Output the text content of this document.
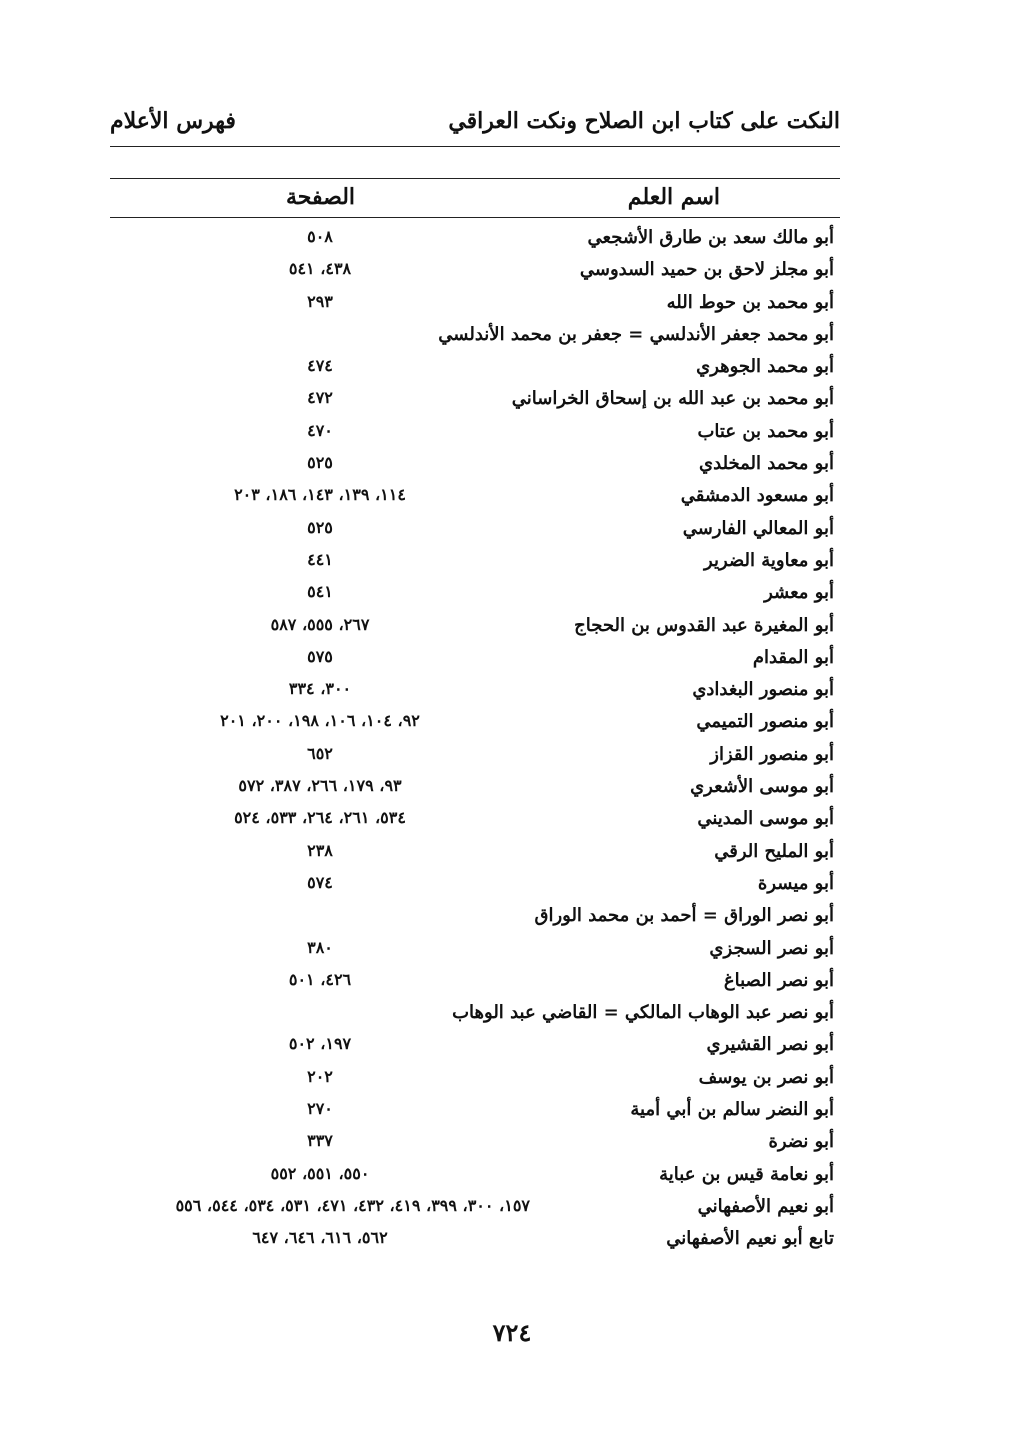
النكت على كتاب ابن الصلاح ونكت العراقي
فهرس الأعلام
اسم العلم
الصفحة
أبو مالك سعد بن طارق الأشجعي
٥٠٨
أبو مجلز لاحق بن حميد السدوسي
٤٣٨، ٥٤١
أبو محمد بن حوط الله
٢٩٣
أبو محمد جعفر الأندلسي = جعفر بن محمد الأندلسي
أبو محمد الجوهري
٤٧٤
أبو محمد بن عبد الله بن إسحاق الخراساني
٤٧٢
أبو محمد بن عتاب
٤٧٠
أبو محمد المخلدي
٥٢٥
أبو مسعود الدمشقي
١١٤، ١٣٩، ١٤٣، ١٨٦، ٢٠٣
أبو المعالي الفارسي
٥٢٥
أبو معاوية الضرير
٤٤١
أبو معشر
٥٤١
أبو المغيرة عبد القدوس بن الحجاج
٢٦٧، ٥٥٥، ٥٨٧
أبو المقدام
٥٧٥
أبو منصور البغدادي
٣٠٠، ٣٣٤
أبو منصور التميمي
٩٢، ١٠٤، ١٠٦، ١٩٨، ٢٠٠، ٢٠١
أبو منصور القزاز
٦٥٢
أبو موسى الأشعري
٩٣، ١٧٩، ٢٦٦، ٣٨٧، ٥٧٢
أبو موسى المديني
٥٣٤، ٢٦١، ٢٦٤، ٥٣٣، ٥٢٤
أبو المليح الرقي
٢٣٨
أبو ميسرة
٥٧٤
أبو نصر الوراق = أحمد بن محمد الوراق
أبو نصر السجزي
٣٨٠
أبو نصر الصباغ
٤٢٦، ٥٠١
أبو نصر عبد الوهاب المالكي = القاضي عبد الوهاب
أبو نصر القشيري
١٩٧، ٥٠٢
أبو نصر بن يوسف
٢٠٢
أبو النضر سالم بن أبي أمية
٢٧٠
أبو نضرة
٣٣٧
أبو نعامة قيس بن عباية
٥٥٠، ٥٥١، ٥٥٢
أبو نعيم الأصفهاني
١٥٧، ٣٠٠، ٣٩٩، ٤١٩، ٤٣٢، ٤٧١، ٥٣١، ٥٣٤، ٥٤٤، ٥٥٦
تابع أبو نعيم الأصفهاني
٥٦٢، ٦١٦، ٦٤٦، ٦٤٧
٧٢٤
